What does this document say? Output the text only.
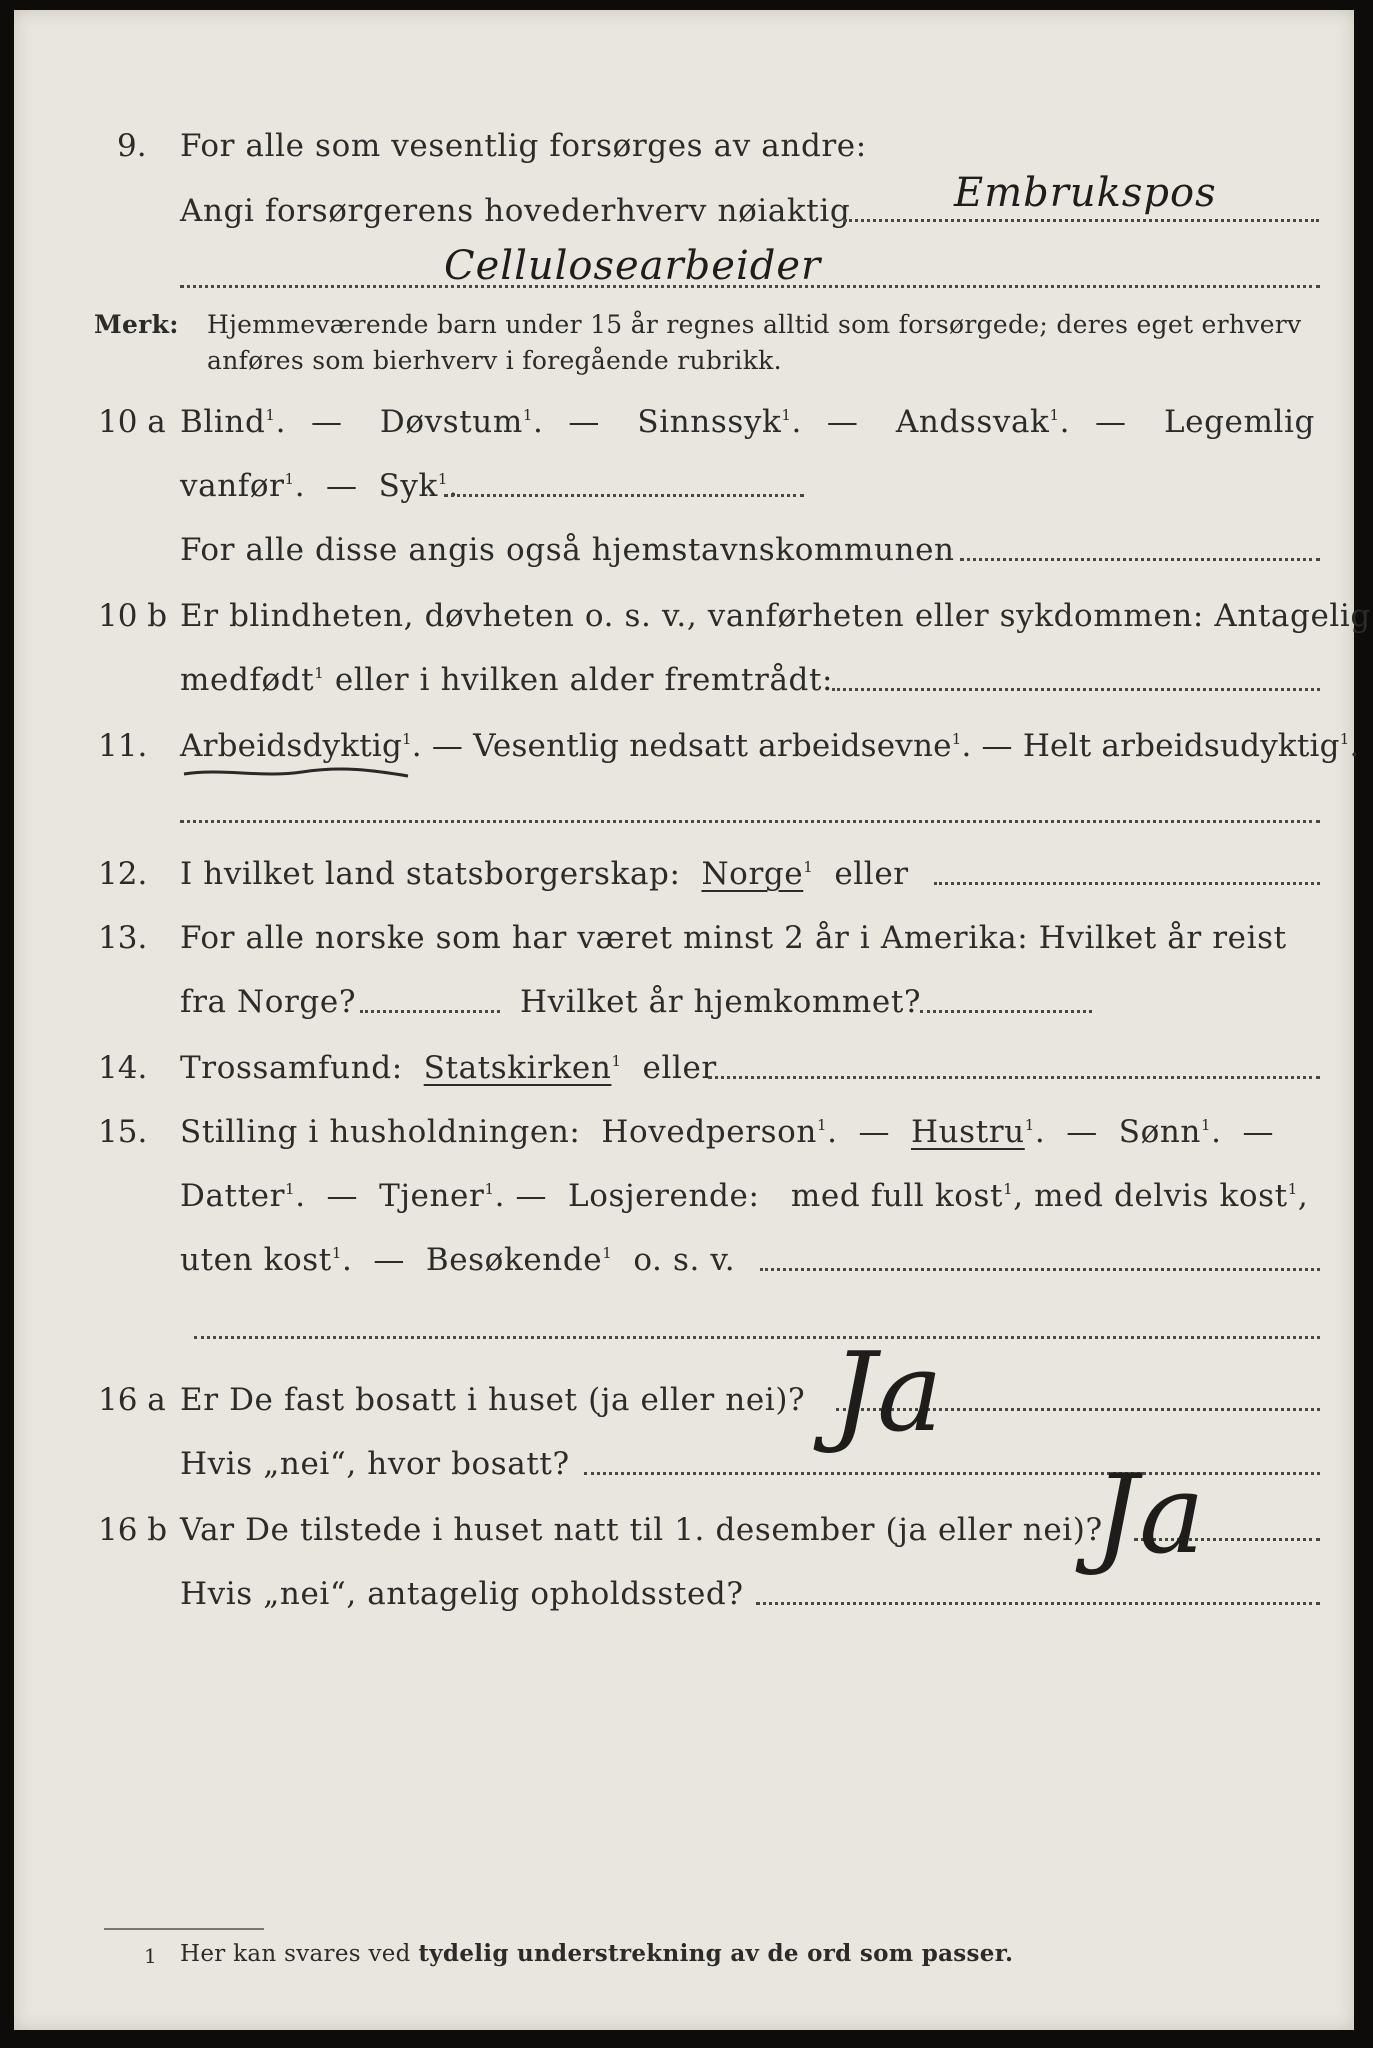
9. For alle som vesentlig forsørges av andre:
Angi forsørgerens hovederhverv nøiaktig	Embrukspos
Cellulosearbeider
Merk: Hjemmeværende barn under 15 år regnes alltid som forsørgede; deres eget erhverv
anføres som bierhverv i foregående rubrikk.
10 a Blind$^1$.  —   Døvstum$^1$.  —   Sinnssyk$^1$.  —   Andssvak$^1$.  —   Legemlig
vanfør$^1$.  —  Syk$^1$.
For alle disse angis også hjemstavnskommunen
10 b Er blindheten, døvheten o. s. v., vanførheten eller sykdommen: Antagelig
medfødt$^1$ eller i hvilken alder fremtrådt:
11. Arbeidsdyktig$^1$. — Vesentlig nedsatt arbeidsevne$^1$. — Helt arbeidsudyktig$^1$.
12. I hvilket land statsborgerskap: Norge$^1$ eller
13. For alle norske som har været minst 2 år i Amerika: Hvilket år reist
fra Norge?	Hvilket år hjemkommet?
14. Trossamfund: Statskirken$^1$ eller
15. Stilling i husholdningen: Hovedperson$^1$.  —  Hustru$^1$.  —  Sønn$^1$.  —
Datter$^1$.  —  Tjener$^1$. —  Losjerende: med full kost$^1$, med delvis kost$^1$,
uten kost$^1$.  —  Besøkende$^1$ o. s. v.
16 a Er De fast bosatt i huset (ja eller nei)?
Hvis „nei“, hvor bosatt?
Ja
16 b Var De tilstede i huset natt til 1. desember (ja eller nei)?
Hvis „nei“, antagelig opholdssted?
Ja
1 Her kan svares ved tydelig understrekning av de ord som passer.
